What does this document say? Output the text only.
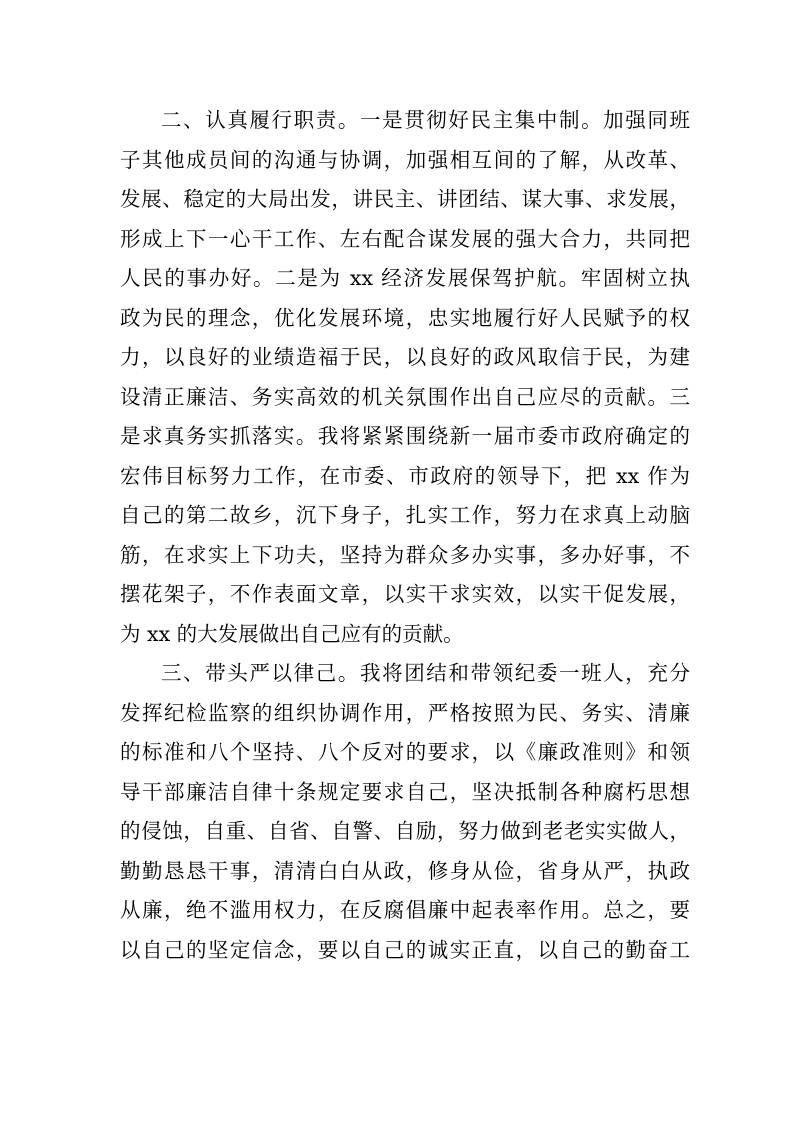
二、认真履行职责。一是贯彻好民主集中制。加强同班
子其他成员间的沟通与协调，加强相互间的了解，从改革、
发展、稳定的大局出发，讲民主、讲团结、谋大事、求发展，
形成上下一心干工作、左右配合谋发展的强大合力，共同把
人民的事办好。二是为 xx 经济发展保驾护航。牢固树立执
政为民的理念，优化发展环境，忠实地履行好人民赋予的权
力，以良好的业绩造福于民，以良好的政风取信于民，为建
设清正廉洁、务实高效的机关氛围作出自己应尽的贡献。三
是求真务实抓落实。我将紧紧围绕新一届市委市政府确定的
宏伟目标努力工作，在市委、市政府的领导下，把 xx 作为
自己的第二故乡，沉下身子，扎实工作，努力在求真上动脑
筋，在求实上下功夫，坚持为群众多办实事，多办好事，不
摆花架子，不作表面文章，以实干求实效，以实干促发展，
为 xx 的大发展做出自己应有的贡献。
三、带头严以律己。我将团结和带领纪委一班人，充分
发挥纪检监察的组织协调作用，严格按照为民、务实、清廉
的标准和八个坚持、八个反对的要求，以《廉政准则》和领
导干部廉洁自律十条规定要求自己，坚决抵制各种腐朽思想
的侵蚀，自重、自省、自警、自励，努力做到老老实实做人，
勤勤恳恳干事，清清白白从政，修身从俭，省身从严，执政
从廉，绝不滥用权力，在反腐倡廉中起表率作用。总之，要
以自己的坚定信念，要以自己的诚实正直，以自己的勤奋工
